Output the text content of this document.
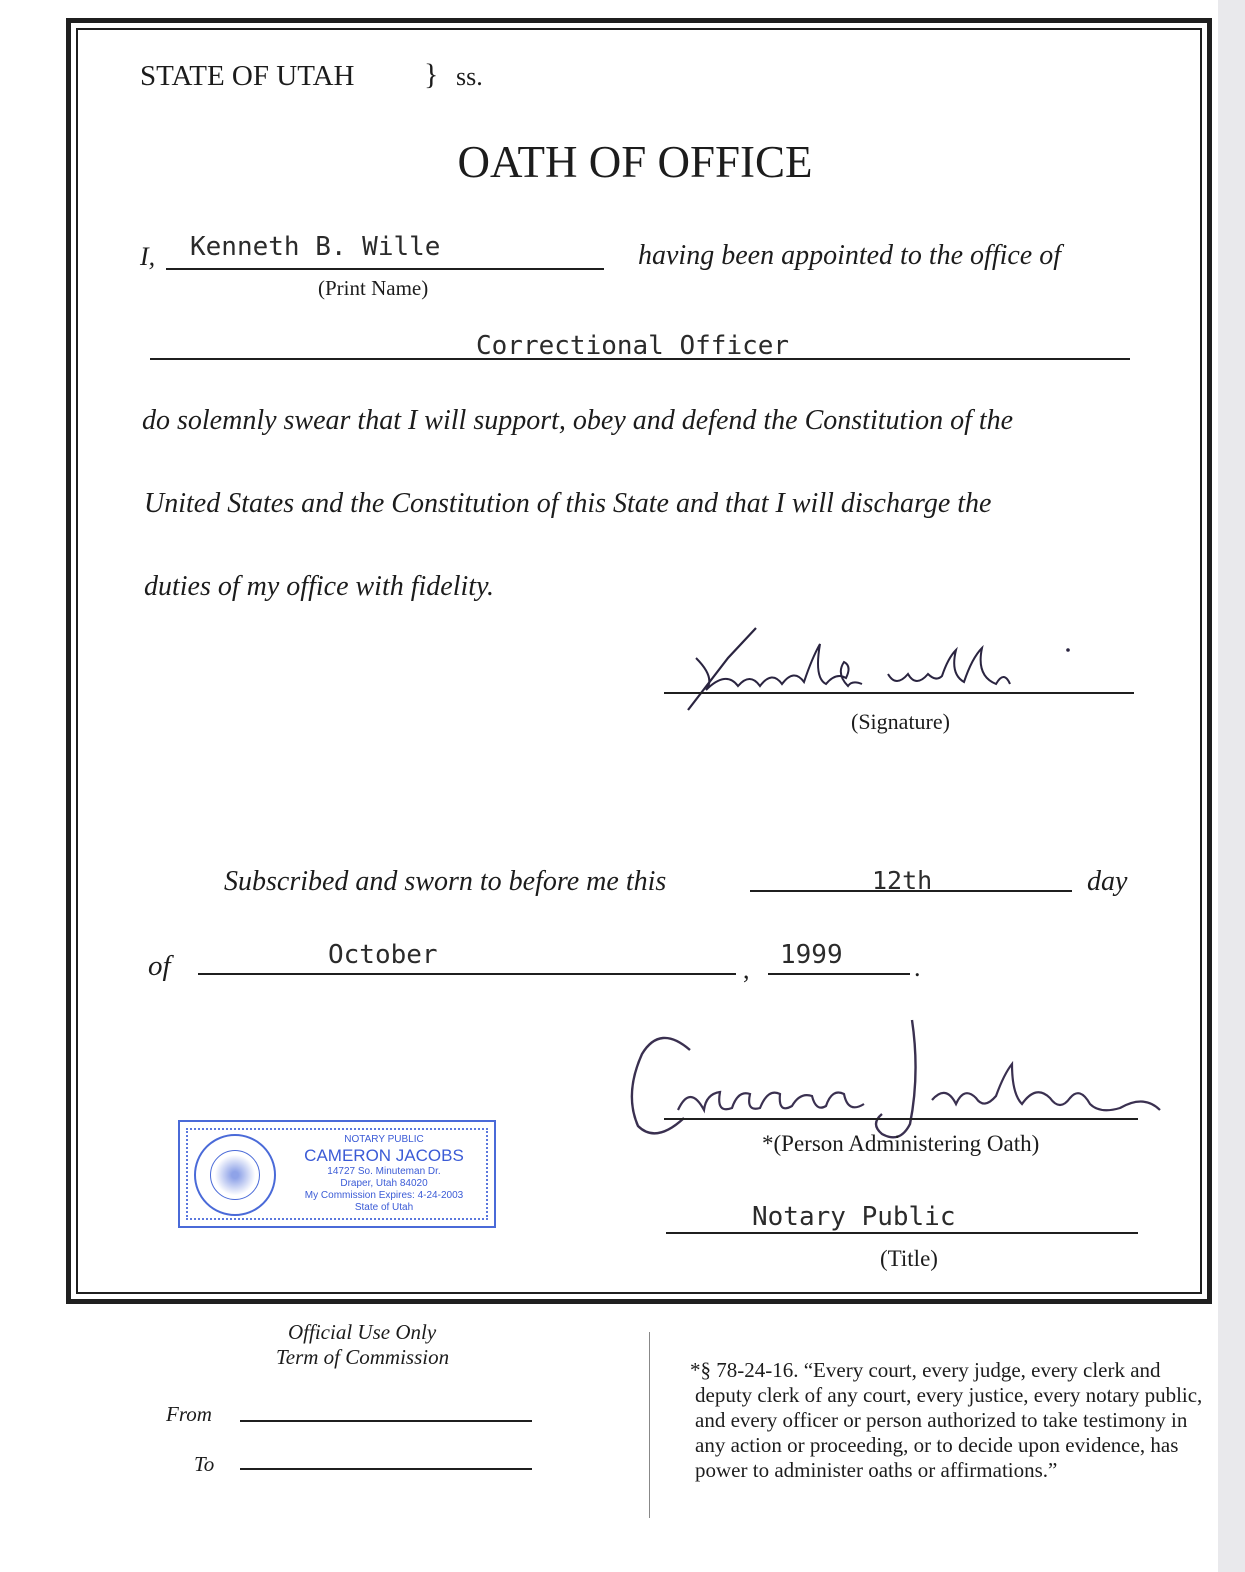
STATE OF UTAH } ss.
OATH OF OFFICE
I, Kenneth B. Wille
(Print Name)
having been appointed to the office of
Correctional Officer
do solemnly swear that I will support, obey and defend the Constitution of the
United States and the Constitution of this State and that I will discharge the
duties of my office with fidelity.
(Signature)
Subscribed and sworn to before me this	12th	day
of	October	, 1999	.
*(Person Administering Oath)
NOTARY PUBLIC
CAMERON JACOBS
14727 So. Minuteman Dr.
Draper, Utah 84020
My Commission Expires: 4-24-2003
State of Utah	Notary Public
(Title)
Official Use Only
Term of Commission
From
To
*§ 78-24-16. “Every court, every judge, every clerk and
deputy clerk of any court, every justice, every notary public,
and every officer or person authorized to take testimony in
any action or proceeding, or to decide upon evidence, has
power to administer oaths or affirmations.”
